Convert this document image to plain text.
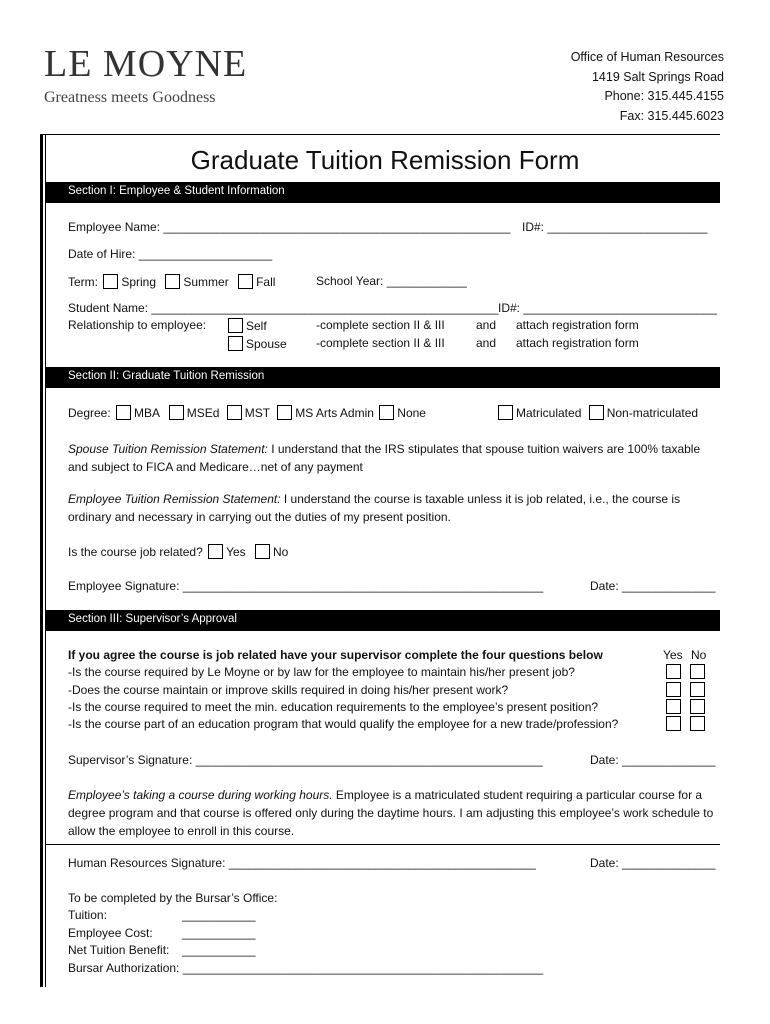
LE MOYNE
Greatness meets Goodness
Office of Human Resources
1419 Salt Springs Road
Phone: 315.445.4155
Fax: 315.445.6023
Graduate Tuition Remission Form
Section I: Employee & Student Information
Employee Name: ____________________________________________________ ID#: ________________________
Date of Hire: ____________________
Term: Spring Summer Fall	School Year: ____________
Student Name: ____________________________________________________ ID#: _____________________________
Relationship to employee:	Self	-complete section II & III	and attach registration form
Spouse -complete section II & III	and attach registration form
Section II: Graduate Tuition Remission
Degree: MBA MSEd MST MS Arts Admin None	Matriculated Non-matriculated
Spouse Tuition Remission Statement: I understand that the IRS stipulates that spouse tuition waivers are 100% taxable and subject to FICA and Medicare…net of any payment
Employee Tuition Remission Statement: I understand the course is taxable unless it is job related, i.e., the course is ordinary and necessary in carrying out the duties of my present position.
Is the course job related? Yes No
Employee Signature: ______________________________________________________	Date: ______________
Section III: Supervisor’s Approval
If you agree the course is job related have your supervisor complete the four questions below	Yes No
-Is the course required by Le Moyne or by law for the employee to maintain his/her present job?
-Does the course maintain or improve skills required in doing his/her present work?
-Is the course required to meet the min. education requirements to the employee’s present position?
-Is the course part of an education program that would qualify the employee for a new trade/profession?
Supervisor’s Signature: ____________________________________________________	Date: ______________
Employee’s taking a course during working hours. Employee is a matriculated student requiring a particular course for a degree program and that course is offered only during the daytime hours. I am adjusting this employee’s work schedule to allow the employee to enroll in this course.
Human Resources Signature: ______________________________________________	Date: ______________
To be completed by the Bursar’s Office:
Tuition:	___________
Employee Cost: ___________
Net Tuition Benefit: ___________
Bursar Authorization: ______________________________________________________
